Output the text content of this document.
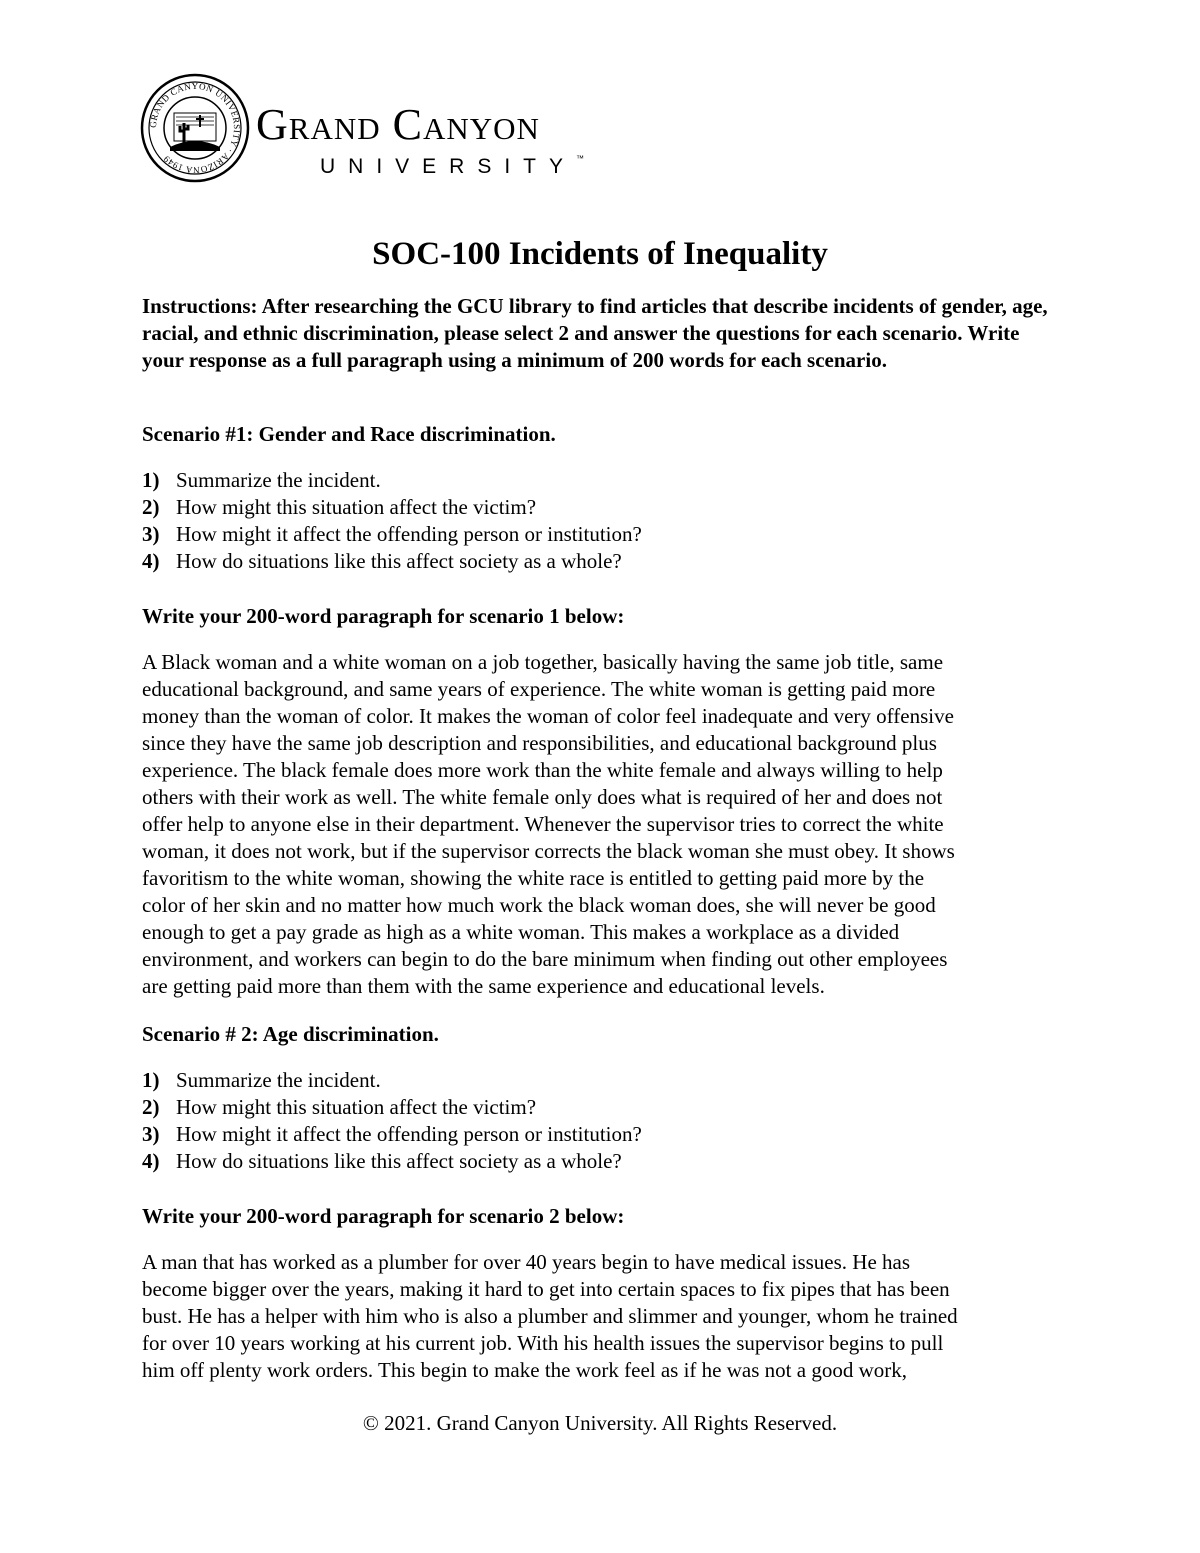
GRAND CANYON UNIVERSITY · ARIZONA 1949
Grand Canyon
UNIVERSITY™
SOC-100 Incidents of Inequality
Instructions: After researching the GCU library to find articles that describe incidents of gender, age, racial, and ethnic discrimination, please select 2 and answer the questions for each scenario. Write your response as a full paragraph using a minimum of 200 words for each scenario.
Scenario #1: Gender and Race discrimination.
1) Summarize the incident.
2) How might this situation affect the victim?
3) How might it affect the offending person or institution?
4) How do situations like this affect society as a whole?
Write your 200-word paragraph for scenario 1 below:

A Black woman and a white woman on a job together, basically having the same job title, same

educational background, and same years of experience. The white woman is getting paid more

money than the woman of color. It makes the woman of color feel inadequate and very offensive

since they have the same job description and responsibilities, and educational background plus

experience. The black female does more work than the white female and always willing to help

others with their work as well. The white female only does what is required of her and does not

offer help to anyone else in their department. Whenever the supervisor tries to correct the white

woman, it does not work, but if the supervisor corrects the black woman she must obey. It shows

favoritism to the white woman, showing the white race is entitled to getting paid more by the

color of her skin and no matter how much work the black woman does, she will never be good

enough to get a pay grade as high as a white woman. This makes a workplace as a divided

environment, and workers can begin to do the bare minimum when finding out other employees

are getting paid more than them with the same experience and educational levels.

Scenario # 2: Age discrimination.
1) Summarize the incident.
2) How might this situation affect the victim?
3) How might it affect the offending person or institution?
4) How do situations like this affect society as a whole?
Write your 200-word paragraph for scenario 2 below:

A man that has worked as a plumber for over 40 years begin to have medical issues. He has

become bigger over the years, making it hard to get into certain spaces to fix pipes that has been

bust. He has a helper with him who is also a plumber and slimmer and younger, whom he trained

for over 10 years working at his current job. With his health issues the supervisor begins to pull

him off plenty work orders. This begin to make the work feel as if he was not a good work,

© 2021. Grand Canyon University. All Rights Reserved.
